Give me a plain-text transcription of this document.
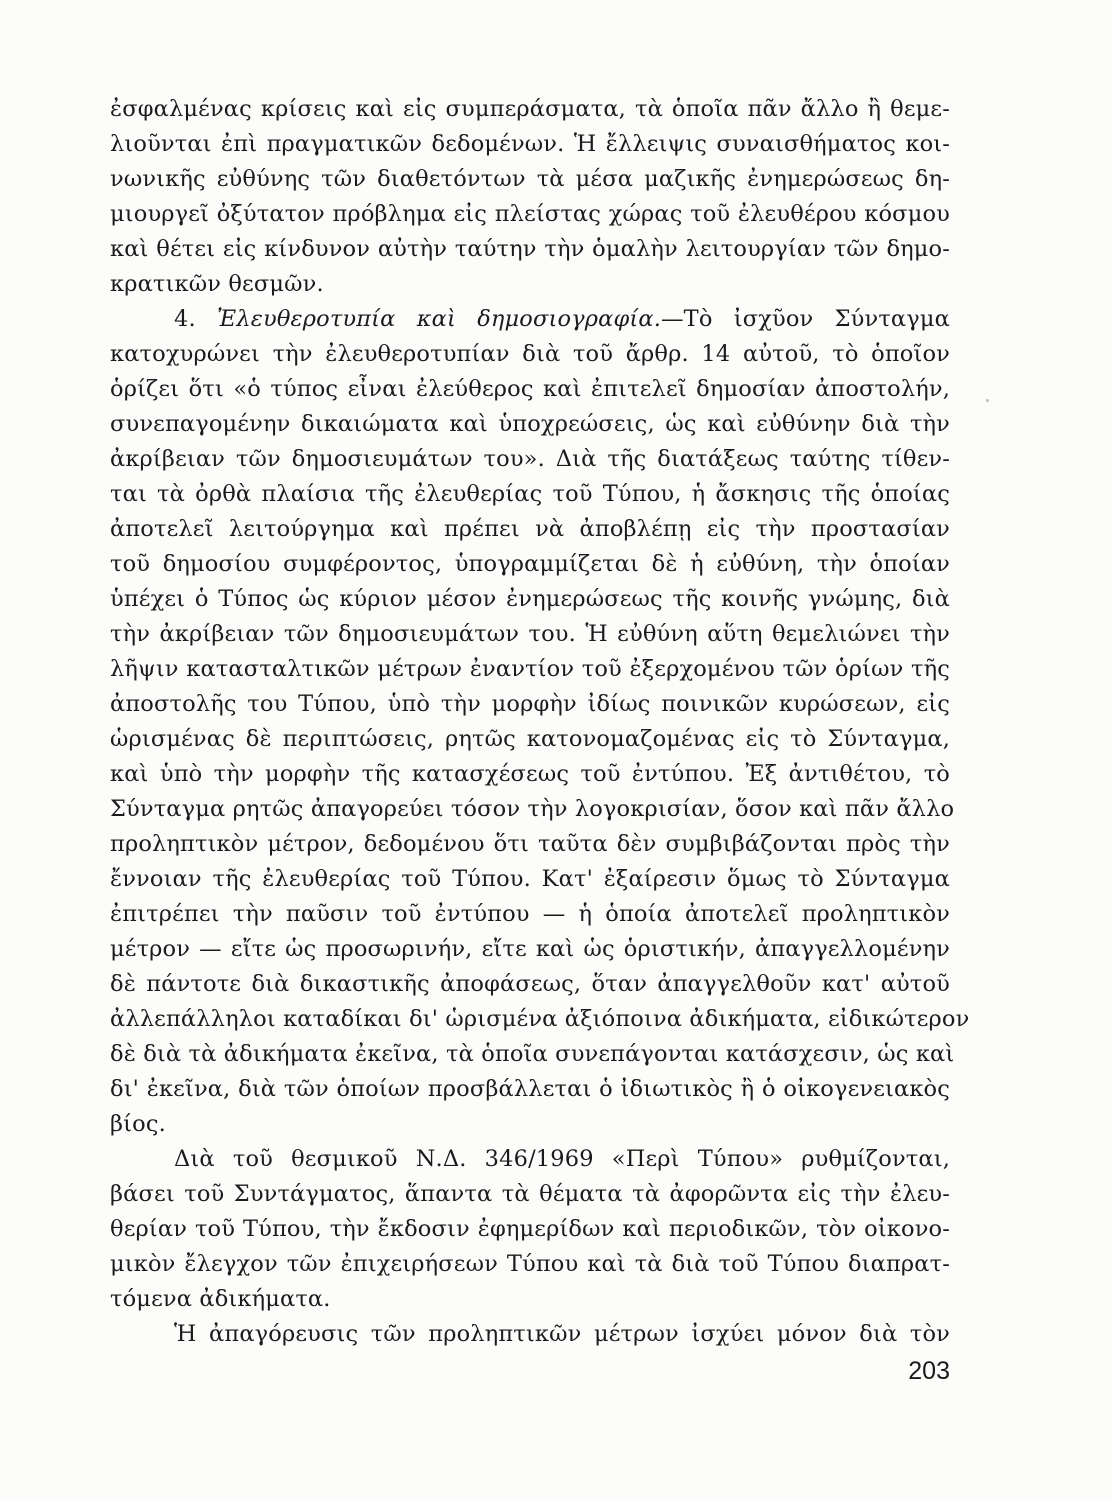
ἐσφαλμένας κρίσεις καὶ εἰς συμπεράσματα, τὰ ὁποῖα πᾶν ἄλλο ἢ θεμε-
λιοῦνται ἐπὶ πραγματικῶν δεδομένων. Ἡ ἔλλειψις συναισθήματος κοι-
νωνικῆς εὐθύνης τῶν διαθετόντων τὰ μέσα μαζικῆς ἐνημερώσεως δη-
μιουργεῖ ὀξύτατον πρόβλημα εἰς πλείστας χώρας τοῦ ἐλευθέρου κόσμου
καὶ θέτει εἰς κίνδυνον αὐτὴν ταύτην τὴν ὁμαλὴν λειτουργίαν τῶν δημο-
κρατικῶν θεσμῶν.
4. Ἐλευθεροτυπία καὶ δημοσιογραφία.—Τὸ ἰσχῦον Σύνταγμα
κατοχυρώνει τὴν ἐλευθεροτυπίαν διὰ τοῦ ἄρθρ. 14 αὐτοῦ, τὸ ὁποῖον
ὁρίζει ὅτι «ὁ τύπος εἶναι ἐλεύθερος καὶ ἐπιτελεῖ δημοσίαν ἀποστολήν,
συνεπαγομένην δικαιώματα καὶ ὑποχρεώσεις, ὡς καὶ εὐθύνην διὰ τὴν
ἀκρίβειαν τῶν δημοσιευμάτων του». Διὰ τῆς διατάξεως ταύτης τίθεν-
ται τὰ ὀρθὰ πλαίσια τῆς ἐλευθερίας τοῦ Τύπου, ἡ ἄσκησις τῆς ὁποίας
ἀποτελεῖ λειτούργημα καὶ πρέπει νὰ ἀποβλέπῃ εἰς τὴν προστασίαν
τοῦ δημοσίου συμφέροντος, ὑπογραμμίζεται δὲ ἡ εὐθύνη, τὴν ὁποίαν
ὑπέχει ὁ Τύπος ὡς κύριον μέσον ἐνημερώσεως τῆς κοινῆς γνώμης, διὰ
τὴν ἀκρίβειαν τῶν δημοσιευμάτων του. Ἡ εὐθύνη αὕτη θεμελιώνει τὴν
λῆψιν κατασταλτικῶν μέτρων ἐναντίον τοῦ ἐξερχομένου τῶν ὁρίων τῆς
ἀποστολῆς του Τύπου, ὑπὸ τὴν μορφὴν ἰδίως ποινικῶν κυρώσεων, εἰς
ὡρισμένας δὲ περιπτώσεις, ρητῶς κατονομαζομένας εἰς τὸ Σύνταγμα,
καὶ ὑπὸ τὴν μορφὴν τῆς κατασχέσεως τοῦ ἐντύπου. Ἐξ ἀντιθέτου, τὸ
Σύνταγμα ρητῶς ἀπαγορεύει τόσον τὴν λογοκρισίαν, ὅσον καὶ πᾶν ἄλλο
προληπτικὸν μέτρον, δεδομένου ὅτι ταῦτα δὲν συμβιβάζονται πρὸς τὴν
ἔννοιαν τῆς ἐλευθερίας τοῦ Τύπου. Κατ' ἐξαίρεσιν ὅμως τὸ Σύνταγμα
ἐπιτρέπει τὴν παῦσιν τοῦ ἐντύπου — ἡ ὁποία ἀποτελεῖ προληπτικὸν
μέτρον — εἴτε ὡς προσωρινήν, εἴτε καὶ ὡς ὁριστικήν, ἀπαγγελλομένην
δὲ πάντοτε διὰ δικαστικῆς ἀποφάσεως, ὅταν ἀπαγγελθοῦν κατ' αὐτοῦ
ἀλλεπάλληλοι καταδίκαι δι' ὡρισμένα ἀξιόποινα ἀδικήματα, εἰδικώτερον
δὲ διὰ τὰ ἀδικήματα ἐκεῖνα, τὰ ὁποῖα συνεπάγονται κατάσχεσιν, ὡς καὶ
δι' ἐκεῖνα, διὰ τῶν ὁποίων προσβάλλεται ὁ ἰδιωτικὸς ἢ ὁ οἰκογενειακὸς
βίος.
Διὰ τοῦ θεσμικοῦ Ν.Δ. 346/1969 «Περὶ Τύπου» ρυθμίζονται,
βάσει τοῦ Συντάγματος, ἅπαντα τὰ θέματα τὰ ἀφορῶντα εἰς τὴν ἐλευ-
θερίαν τοῦ Τύπου, τὴν ἔκδοσιν ἐφημερίδων καὶ περιοδικῶν, τὸν οἰκονο-
μικὸν ἔλεγχον τῶν ἐπιχειρήσεων Τύπου καὶ τὰ διὰ τοῦ Τύπου διαπρατ-
τόμενα ἀδικήματα.
Ἡ ἀπαγόρευσις τῶν προληπτικῶν μέτρων ἰσχύει μόνον διὰ τὸν
203
